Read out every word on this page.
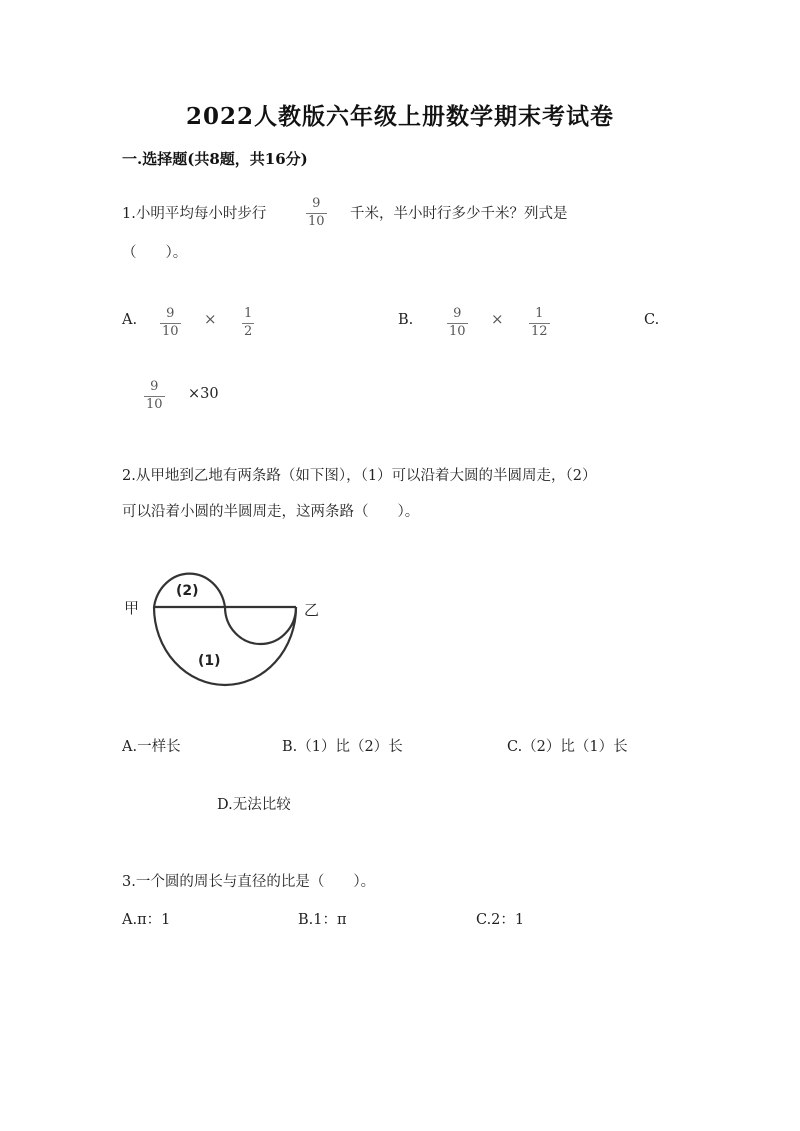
2022人教版六年级上册数学期末考试卷
一.选择题(共8题，共16分)
1.小明平均每小时步行
9
10 千米，半小时行多少千米？列式是
（　　）。
A. 9
10
× 1
2
B.	9
10
× 1
12
C.
9
10
×30
2.从甲地到乙地有两条路（如下图），（1）可以沿着大圆的半圆周走，（2）
可以沿着小圆的半圆周走，这两条路（　　）。
甲	乙
(2)
(1)
A.一样长	B.（1）比（2）长	C.（2）比（1）长
D.无法比较
3.一个圆的周长与直径的比是（　　）。
A.π：1	B.1：π	C.2：1
